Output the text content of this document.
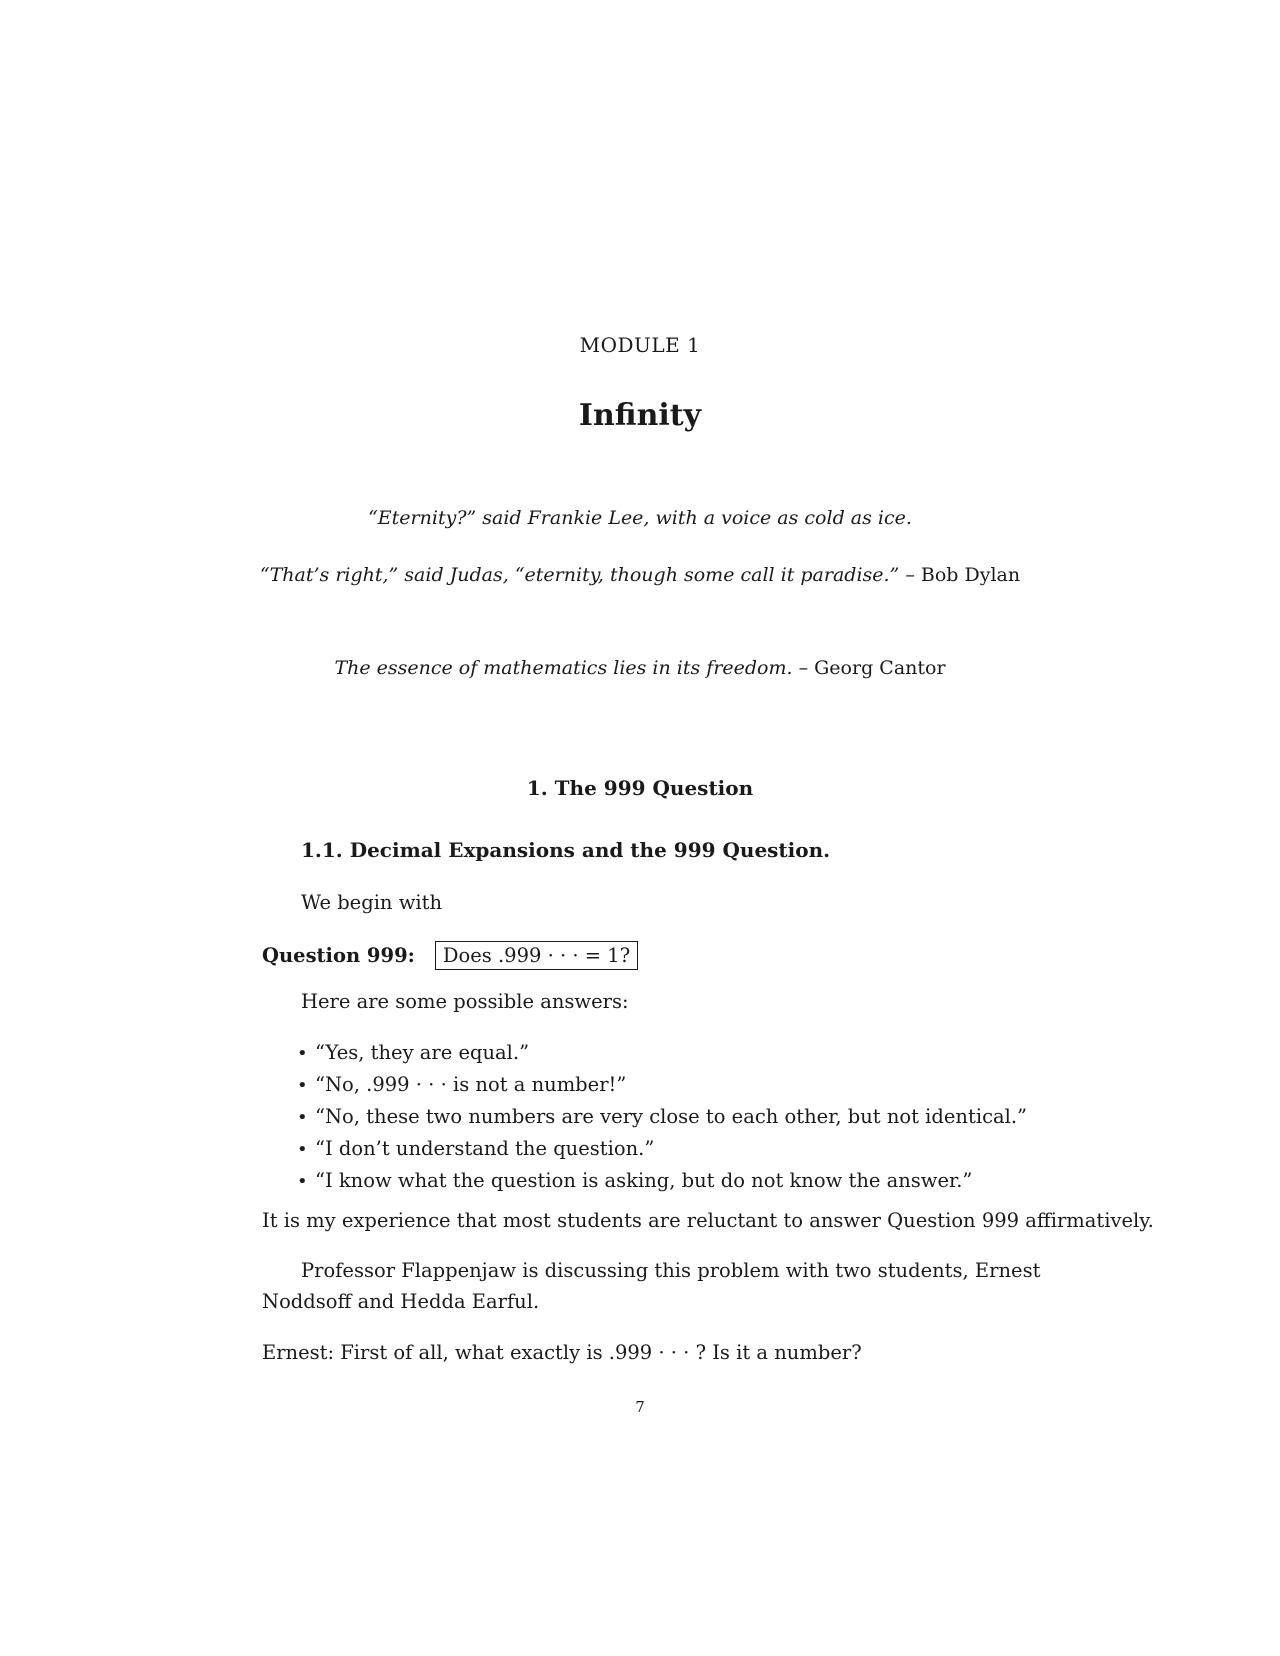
MODULE 1
Infinity
“Eternity?” said Frankie Lee, with a voice as cold as ice.
“That’s right,” said Judas, “eternity, though some call it paradise.” – Bob Dylan
The essence of mathematics lies in its freedom. – Georg Cantor
1. The 999 Question
1.1. Decimal Expansions and the 999 Question.
We begin with
Question 999:	Does .999 · · · = 1?
Here are some possible answers:
• “Yes, they are equal.”
• “No, .999 · · · is not a number!”
• “No, these two numbers are very close to each other, but not identical.”
• “I don’t understand the question.”
• “I know what the question is asking, but do not know the answer.”
It is my experience that most students are reluctant to answer Question 999 affirmatively.
Professor Flappenjaw is discussing this problem with two students, Ernest Noddsoff and Hedda Earful.
Ernest: First of all, what exactly is .999 · · · ? Is it a number?
7
